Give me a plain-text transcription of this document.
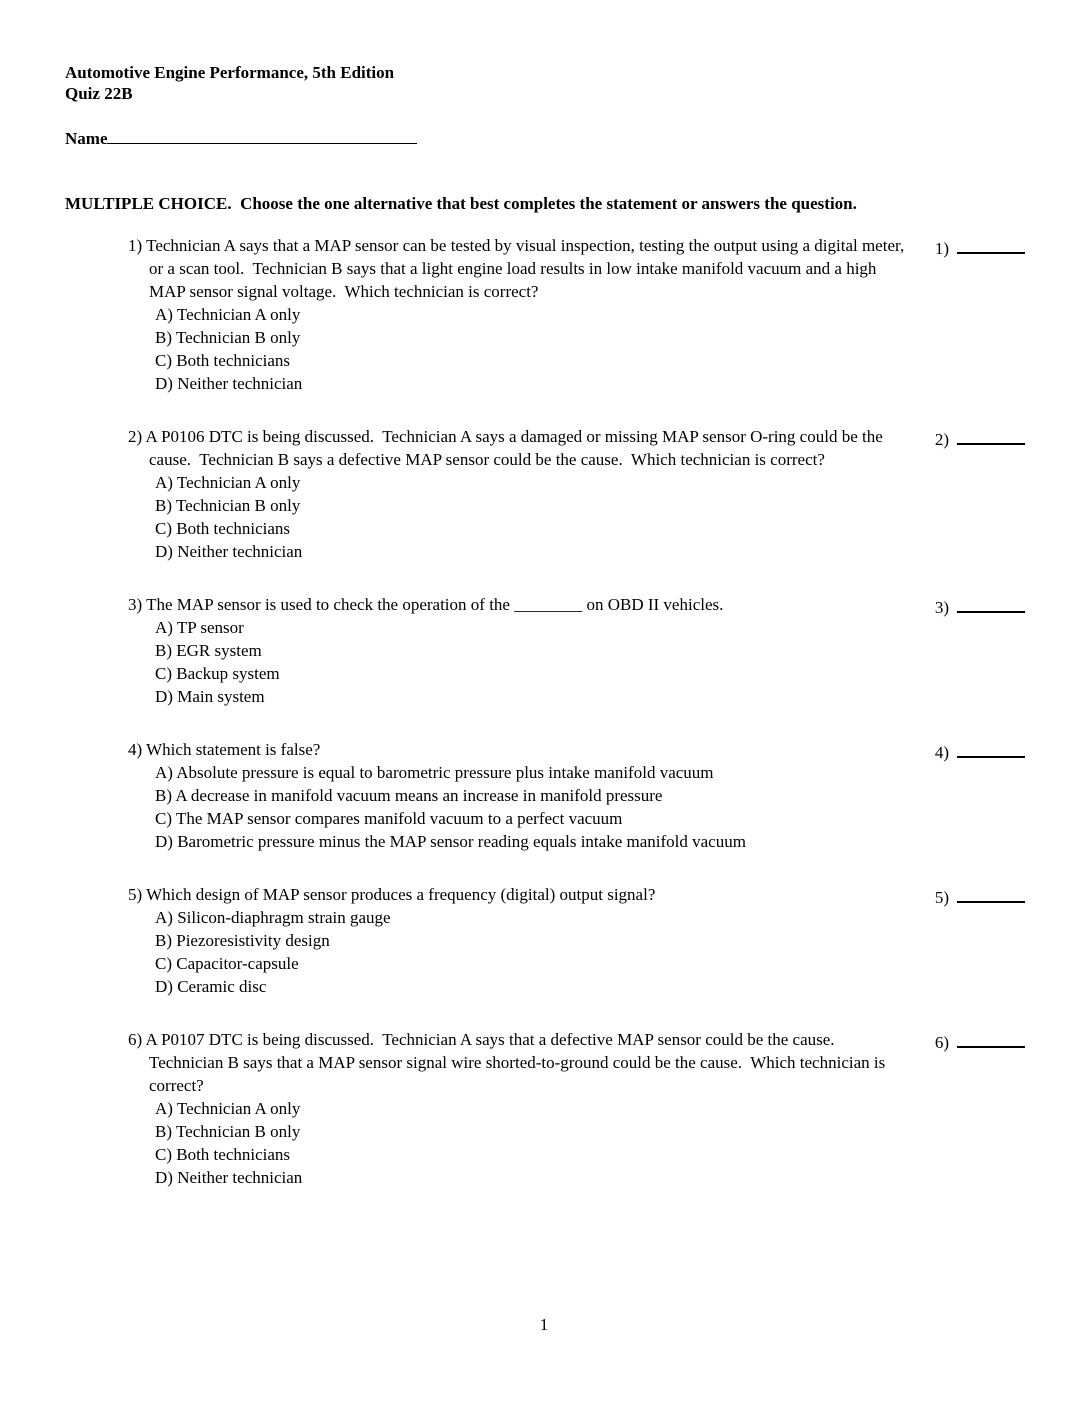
Automotive Engine Performance, 5th Edition
Quiz 22B
Name
MULTIPLE CHOICE.  Choose the one alternative that best completes the statement or answers the question.
1) Technician A says that a MAP sensor can be tested by visual inspection, testing the output using a digital meter, or a scan tool.  Technician B says that a light engine load results in low intake manifold vacuum and a high MAP sensor signal voltage.  Which technician is correct?
A) Technician A only
B) Technician B only
C) Both technicians
D) Neither technician
1)
2) A P0106 DTC is being discussed.  Technician A says a damaged or missing MAP sensor O-ring could be the cause.  Technician B says a defective MAP sensor could be the cause.  Which technician is correct?
A) Technician A only
B) Technician B only
C) Both technicians
D) Neither technician
2)
3) The MAP sensor is used to check the operation of the ________ on OBD II vehicles.
A) TP sensor
B) EGR system
C) Backup system
D) Main system
3)
4) Which statement is false?
A) Absolute pressure is equal to barometric pressure plus intake manifold vacuum
B) A decrease in manifold vacuum means an increase in manifold pressure
C) The MAP sensor compares manifold vacuum to a perfect vacuum
D) Barometric pressure minus the MAP sensor reading equals intake manifold vacuum
4)
5) Which design of MAP sensor produces a frequency (digital) output signal?
A) Silicon-diaphragm strain gauge
B) Piezoresistivity design
C) Capacitor-capsule
D) Ceramic disc
5)
6) A P0107 DTC is being discussed.  Technician A says that a defective MAP sensor could be the cause.  Technician B says that a MAP sensor signal wire shorted-to-ground could be the cause.  Which technician is correct?
A) Technician A only
B) Technician B only
C) Both technicians
D) Neither technician
6)
1
